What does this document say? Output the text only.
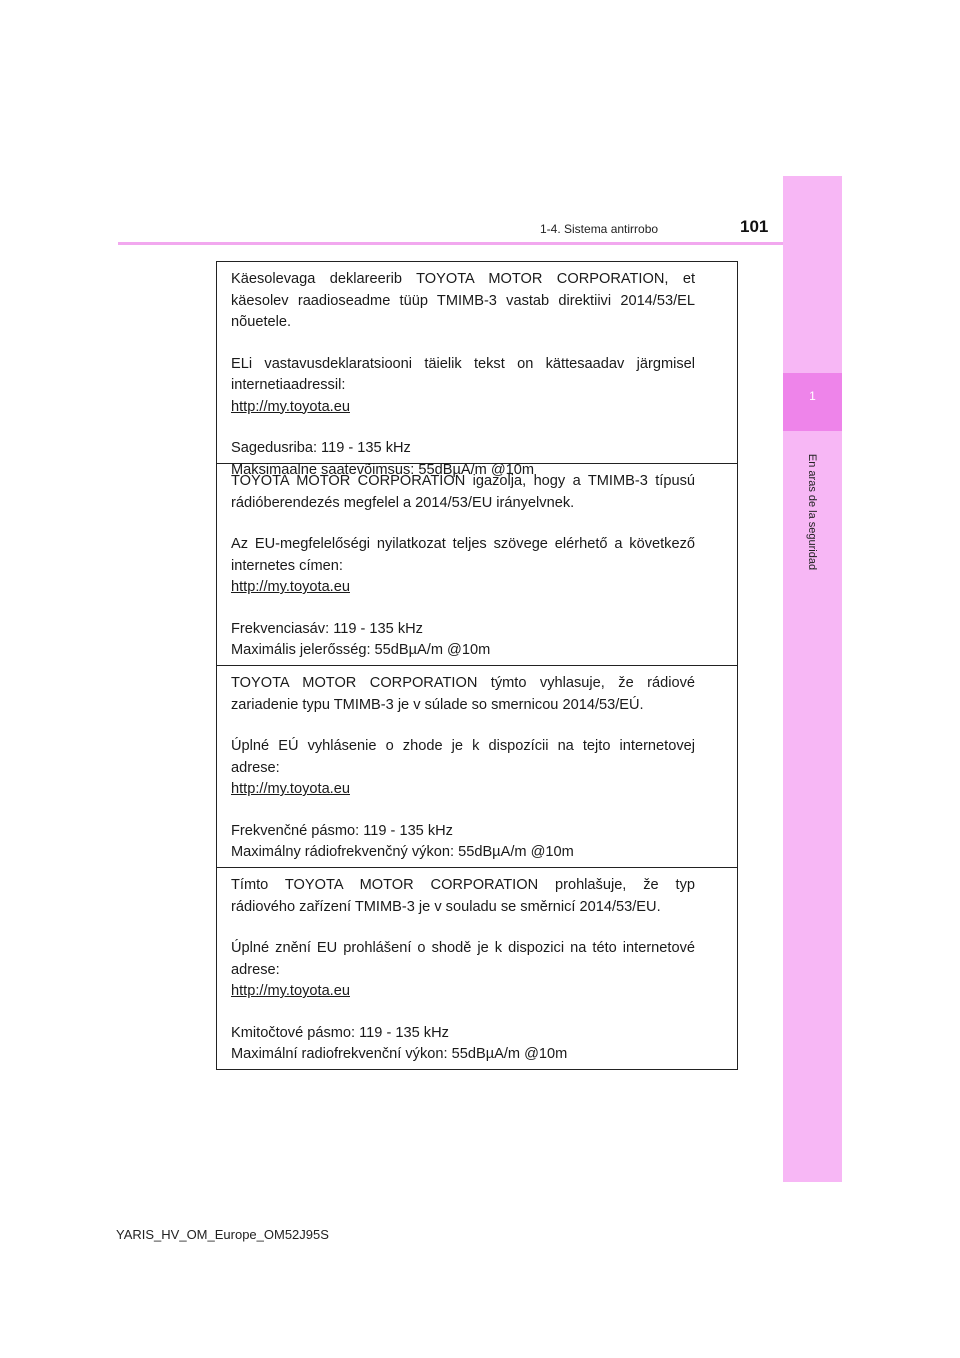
1
En aras de la seguridad
1-4. Sistema antirrobo	101

Käesolevaga deklareerib TOYOTA MOTOR CORPORATION, et

käesolev raadioseadme tüüp TMIMB-3 vastab direktiivi 2014/53/EL

nõuetele.

ELi vastavusdeklaratsiooni täielik tekst on kättesaadav järgmisel

internetiaadressil:

http://my.toyota.eu

Sagedusriba: 119 - 135 kHz

Maksimaalne saatevõimsus: 55dBµA/m @10m

TOYOTA MOTOR CORPORATION igazolja, hogy a TMIMB-3 típusú

rádióberendezés megfelel a 2014/53/EU irányelvnek.

Az EU-megfelelőségi nyilatkozat teljes szövege elérhető a következő

internetes címen:

http://my.toyota.eu

Frekvenciasáv: 119 - 135 kHz

Maximális jelerősség: 55dBµA/m @10m

TOYOTA MOTOR CORPORATION týmto vyhlasuje, že rádiové

zariadenie typu TMIMB-3 je v súlade so smernicou 2014/53/EÚ.

Úplné EÚ vyhlásenie o zhode je k dispozícii na tejto internetovej

adrese:

http://my.toyota.eu

Frekvenčné pásmo: 119 - 135 kHz

Maximálny rádiofrekvenčný výkon: 55dBµA/m @10m

Tímto TOYOTA MOTOR CORPORATION prohlašuje, že typ

rádiového zařízení TMIMB-3 je v souladu se směrnicí 2014/53/EU.

Úplné znění EU prohlášení o shodě je k dispozici na této internetové

adrese:

http://my.toyota.eu

Kmitočtové pásmo: 119 - 135 kHz

Maximální radiofrekvenční výkon: 55dBµA/m @10m

YARIS_HV_OM_Europe_OM52J95S
